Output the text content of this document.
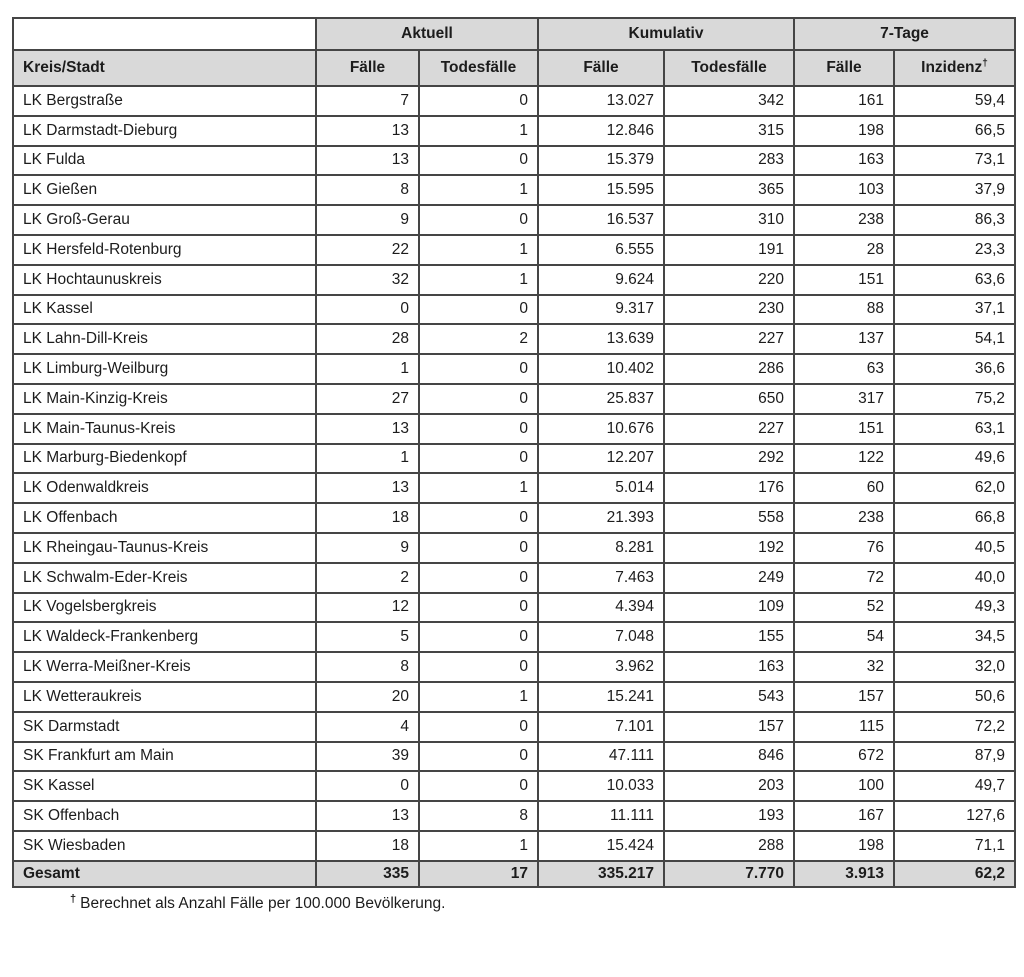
	Aktuell		Kumulativ		7-Tage	
Kreis/Stadt	Fälle	Todesfälle	Fälle	Todesfälle	Fälle	Inzidenz†
LK Bergstraße	7	0	13.027	342	161	59,4
LK Darmstadt-Dieburg	13	1	12.846	315	198	66,5
LK Fulda	13	0	15.379	283	163	73,1
LK Gießen	8	1	15.595	365	103	37,9
LK Groß-Gerau	9	0	16.537	310	238	86,3
LK Hersfeld-Rotenburg	22	1	6.555	191	28	23,3
LK Hochtaunuskreis	32	1	9.624	220	151	63,6
LK Kassel	0	0	9.317	230	88	37,1
LK Lahn-Dill-Kreis	28	2	13.639	227	137	54,1
LK Limburg-Weilburg	1	0	10.402	286	63	36,6
LK Main-Kinzig-Kreis	27	0	25.837	650	317	75,2
LK Main-Taunus-Kreis	13	0	10.676	227	151	63,1
LK Marburg-Biedenkopf	1	0	12.207	292	122	49,6
LK Odenwaldkreis	13	1	5.014	176	60	62,0
LK Offenbach	18	0	21.393	558	238	66,8
LK Rheingau-Taunus-Kreis	9	0	8.281	192	76	40,5
LK Schwalm-Eder-Kreis	2	0	7.463	249	72	40,0
LK Vogelsbergkreis	12	0	4.394	109	52	49,3
LK Waldeck-Frankenberg	5	0	7.048	155	54	34,5
LK Werra-Meißner-Kreis	8	0	3.962	163	32	32,0
LK Wetteraukreis	20	1	15.241	543	157	50,6
SK Darmstadt	4	0	7.101	157	115	72,2
SK Frankfurt am Main	39	0	47.111	846	672	87,9
SK Kassel	0	0	10.033	203	100	49,7
SK Offenbach	13	8	11.111	193	167	127,6
SK Wiesbaden	18	1	15.424	288	198	71,1
Gesamt	335	17	335.217	7.770	3.913	62,2
† Berechnet als Anzahl Fälle per 100.000 Bevölkerung.
